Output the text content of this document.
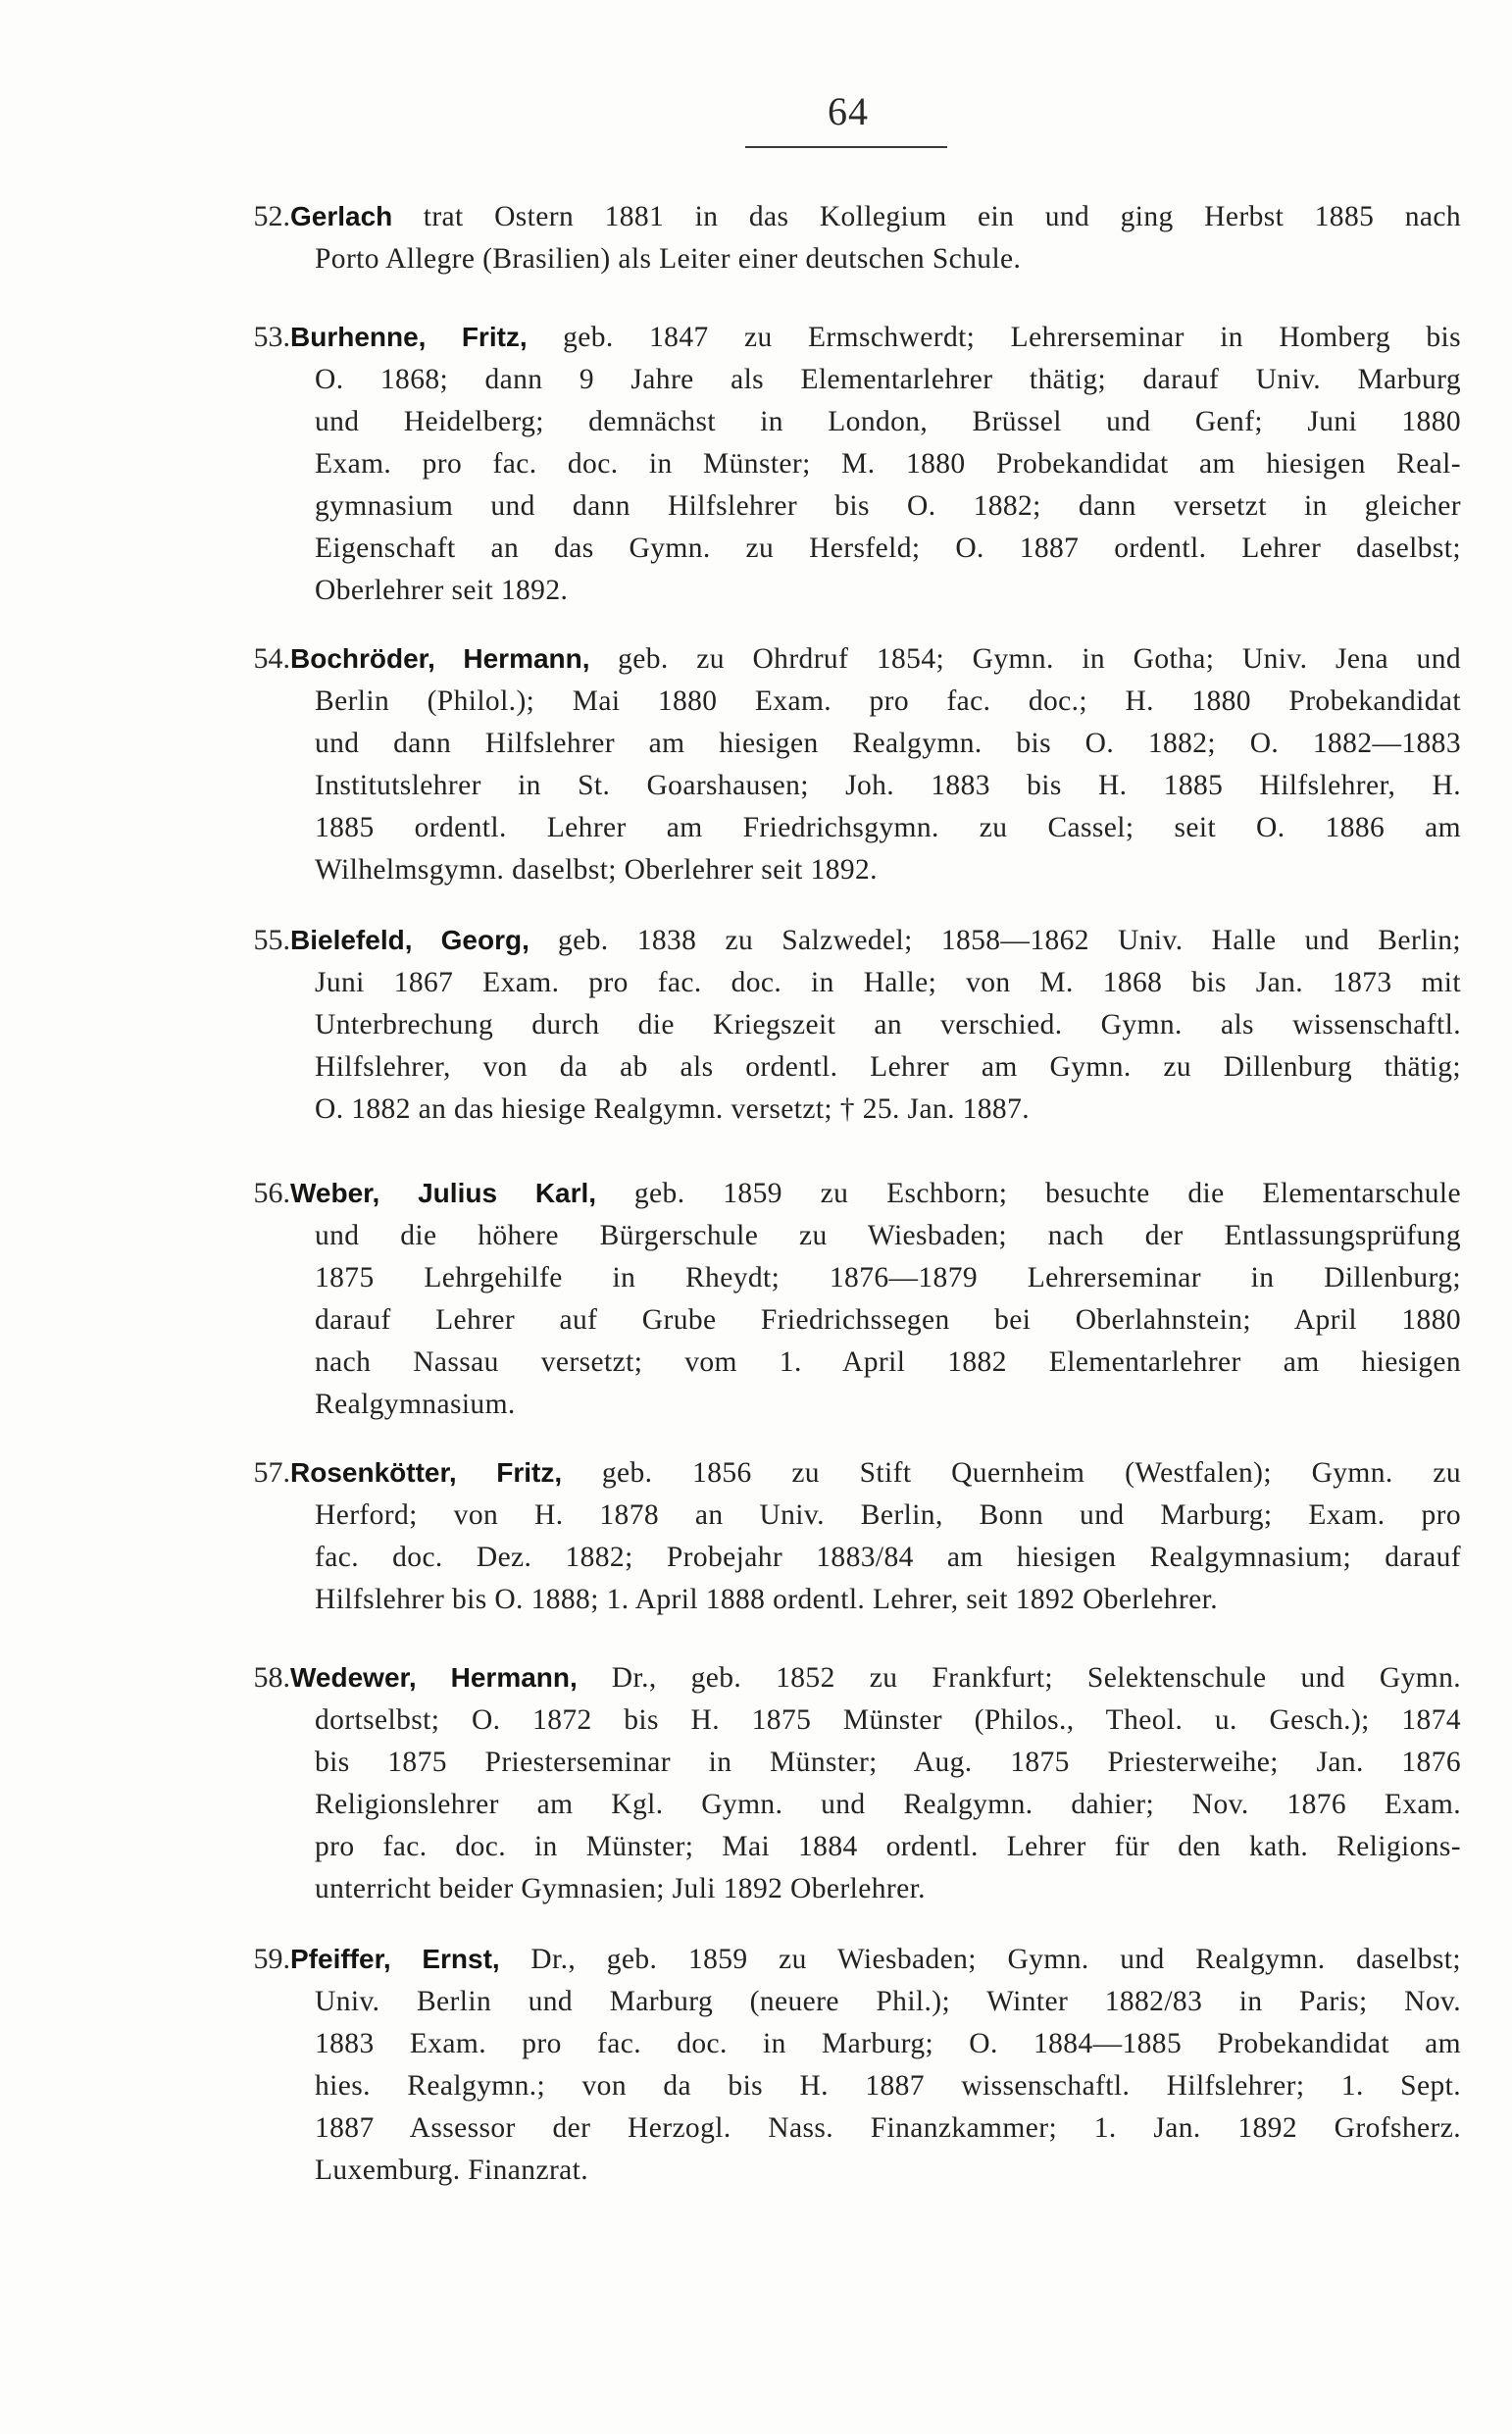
64
52. Gerlach trat Ostern 1881 in das Kollegium ein und ging Herbst 1885 nach
Porto Allegre (Brasilien) als Leiter einer deutschen Schule.

53. Burhenne, Fritz, geb. 1847 zu Ermschwerdt; Lehrerseminar in Homberg bis
O. 1868; dann 9 Jahre als Elementarlehrer thätig; darauf Univ. Marburg
und Heidelberg; demnächst in London, Brüssel und Genf; Juni 1880
Exam. pro fac. doc. in Münster; M. 1880 Probekandidat am hiesigen Real-
gymnasium und dann Hilfslehrer bis O. 1882; dann versetzt in gleicher
Eigenschaft an das Gymn. zu Hersfeld; O. 1887 ordentl. Lehrer daselbst;
Oberlehrer seit 1892.

54. Bochröder, Hermann, geb. zu Ohrdruf 1854; Gymn. in Gotha; Univ. Jena und
Berlin (Philol.); Mai 1880 Exam. pro fac. doc.; H. 1880 Probekandidat
und dann Hilfslehrer am hiesigen Realgymn. bis O. 1882; O. 1882—1883
Institutslehrer in St. Goarshausen; Joh. 1883 bis H. 1885 Hilfslehrer, H.
1885 ordentl. Lehrer am Friedrichsgymn. zu Cassel; seit O. 1886 am
Wilhelmsgymn. daselbst; Oberlehrer seit 1892.

55. Bielefeld, Georg, geb. 1838 zu Salzwedel; 1858—1862 Univ. Halle und Berlin;
Juni 1867 Exam. pro fac. doc. in Halle; von M. 1868 bis Jan. 1873 mit
Unterbrechung durch die Kriegszeit an verschied. Gymn. als wissenschaftl.
Hilfslehrer, von da ab als ordentl. Lehrer am Gymn. zu Dillenburg thätig;
O. 1882 an das hiesige Realgymn. versetzt; † 25. Jan. 1887.

56. Weber, Julius Karl, geb. 1859 zu Eschborn; besuchte die Elementarschule
und die höhere Bürgerschule zu Wiesbaden; nach der Entlassungsprüfung
1875 Lehrgehilfe in Rheydt; 1876—1879 Lehrerseminar in Dillenburg;
darauf Lehrer auf Grube Friedrichssegen bei Oberlahnstein; April 1880
nach Nassau versetzt; vom 1. April 1882 Elementarlehrer am hiesigen
Realgymnasium.

57. Rosenkötter, Fritz, geb. 1856 zu Stift Quernheim (Westfalen); Gymn. zu
Herford; von H. 1878 an Univ. Berlin, Bonn und Marburg; Exam. pro
fac. doc. Dez. 1882; Probejahr 1883/84 am hiesigen Realgymnasium; darauf
Hilfslehrer bis O. 1888; 1. April 1888 ordentl. Lehrer, seit 1892 Oberlehrer.

58. Wedewer, Hermann, Dr., geb. 1852 zu Frankfurt; Selektenschule und Gymn.
dortselbst; O. 1872 bis H. 1875 Münster (Philos., Theol. u. Gesch.); 1874
bis 1875 Priesterseminar in Münster; Aug. 1875 Priesterweihe; Jan. 1876
Religionslehrer am Kgl. Gymn. und Realgymn. dahier; Nov. 1876 Exam.
pro fac. doc. in Münster; Mai 1884 ordentl. Lehrer für den kath. Religions-
unterricht beider Gymnasien; Juli 1892 Oberlehrer.

59. Pfeiffer, Ernst, Dr., geb. 1859 zu Wiesbaden; Gymn. und Realgymn. daselbst;
Univ. Berlin und Marburg (neuere Phil.); Winter 1882/83 in Paris; Nov.
1883 Exam. pro fac. doc. in Marburg; O. 1884—1885 Probekandidat am
hies. Realgymn.; von da bis H. 1887 wissenschaftl. Hilfslehrer; 1. Sept.
1887 Assessor der Herzogl. Nass. Finanzkammer; 1. Jan. 1892 Grofsherz.
Luxemburg. Finanzrat.
